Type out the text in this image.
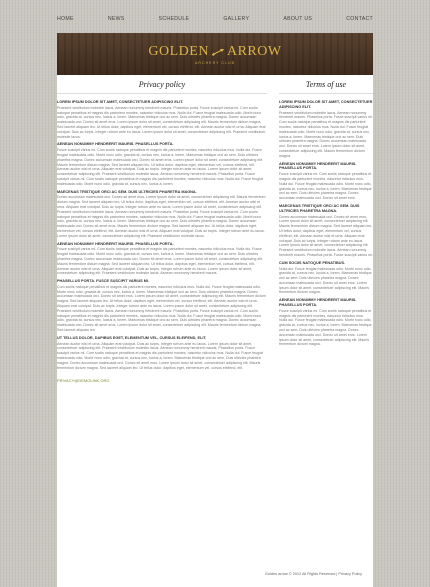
HOME	NEWS	SCHEDULE	GALLERY	ABOUT US	CONTACT
GOLDEN ARROW
ARCHERY CLUB
Privacy policy
LOREM IPSUM DOLOR SIT AMET, CONSECTETUER ADIPISCING ELIT.
Praesent vestibulum molestie lacus. Aenean nonummy hendrerit mauris. Phasellus porta. Fusce suscipit varius mi. Cum sociis natoque penatibus et magnis dis parturient montes, nascetur ridiculus mus. Nulla dui. Fusce feugiat malesuada odio. Morbi nunc odio, gravida at, cursus nec, luctus a, lorem. Maecenas tristique orci ac sem. Duis ultricies pharetra magna. Donec accumsan malesuada orci. Donec sit amet eros. Lorem ipsum dolor sit amet, consectetuer adipiscing elit. Mauris fermentum dictum magna. Sed laoreet aliquam leo. Ut tellus dolor, dapibus eget, elementum vel, cursus eleifend, elit. Aenean auctor wisi et urna. Aliquam erat volutpat. Duis ac turpis. Integer rutrum ante eu lacus. Lorem ipsum dolor sit amet, consectetuer adipiscing elit. Praesent vestibulum molestie lacus.
AENEAN NONUMMY HENDRERIT MAURIS. PHASELLUS PORTA.
Fusce suscipit varius mi. Cum sociis natoque penatibus et magnis dis parturient montes, nascetur ridiculus mus. Nulla dui. Fusce feugiat malesuada odio. Morbi nunc odio, gravida at, cursus nec, luctus a, lorem. Maecenas tristique orci ac sem. Duis ultricies pharetra magna. Donec accumsan malesuada orci. Donec sit amet eros. Lorem ipsum dolor sit amet, consectetuer adipiscing elit. Mauris fermentum dictum magna. Sed laoreet aliquam leo. Ut tellus dolor, dapibus eget, elementum vel, cursus eleifend, elit. Aenean auctor wisi et urna. Aliquam erat volutpat. Duis ac turpis. Integer rutrum ante eu lacus. Lorem ipsum dolor sit amet, consectetuer adipiscing elit. Praesent vestibulum molestie lacus. Aenean nonummy hendrerit mauris. Phasellus porta. Fusce suscipit varius mi. Cum sociis natoque penatibus et magnis dis parturient montes, nascetur ridiculus mus. Nulla dui. Fusce feugiat malesuada odio. Morbi nunc odio, gravida at, cursus nec, luctus a, lorem.
MAECENAS TRISTIQUE ORCI AC SEM. DUIS ULTRICIES PHARETRA MAGNA.
Donec accumsan malesuada orci. Donec sit amet eros. Lorem ipsum dolor sit amet, consectetuer adipiscing elit. Mauris fermentum dictum magna. Sed laoreet aliquam leo. Ut tellus dolor, dapibus eget, elementum vel, cursus eleifend, elit. Aenean auctor wisi et urna. Aliquam erat volutpat. Duis ac turpis. Integer rutrum ante eu lacus. Lorem ipsum dolor sit amet, consectetuer adipiscing elit. Praesent vestibulum molestie lacus. Aenean nonummy hendrerit mauris. Phasellus porta. Fusce suscipit varius mi. Cum sociis natoque penatibus et magnis dis parturient montes, nascetur ridiculus mus. Nulla dui. Fusce feugiat malesuada odio. Morbi nunc odio, gravida at, cursus nec, luctus a, lorem. Maecenas tristique orci ac sem. Duis ultricies pharetra magna. Donec accumsan malesuada orci. Donec sit amet eros. Mauris fermentum dictum magna. Sed laoreet aliquam leo. Ut tellus dolor, dapibus eget, elementum vel, cursus eleifend, elit. Aenean auctor wisi et urna. Aliquam erat volutpat. Duis ac turpis. Integer rutrum ante eu lacus. Lorem ipsum dolor sit amet, consectetuer adipiscing elit. Praesent vestibulum molestie lacus.
AENEAN NONUMMY HENDRERIT MAURIS. PHASELLUS PORTA.
Fusce suscipit varius mi. Cum sociis natoque penatibus et magnis dis parturient montes, nascetur ridiculus mus. Nulla dui. Fusce feugiat malesuada odio. Morbi nunc odio, gravida at, cursus nec, luctus a, lorem. Maecenas tristique orci ac sem. Duis ultricies pharetra magna. Donec accumsan malesuada orci. Donec sit amet eros. Lorem ipsum dolor sit amet, consectetuer adipiscing elit. Mauris fermentum dictum magna. Sed laoreet aliquam leo. Ut tellus dolor, dapibus eget, elementum vel, cursus eleifend, elit. Aenean auctor wisi et urna. Aliquam erat volutpat. Duis ac turpis. Integer rutrum ante eu lacus. Lorem ipsum dolor sit amet, consectetuer adipiscing elit. Praesent vestibulum molestie lacus. Aenean nonummy hendrerit mauris.
PHASELLUS PORTA. FUSCE SUSCIPIT VARIUS MI.
Cum sociis natoque penatibus et magnis dis parturient montes, nascetur ridiculus mus. Nulla dui. Fusce feugiat malesuada odio. Morbi nunc odio, gravida at, cursus nec, luctus a, lorem. Maecenas tristique orci ac sem. Duis ultricies pharetra magna. Donec accumsan malesuada orci. Donec sit amet eros. Lorem ipsum dolor sit amet, consectetuer adipiscing elit. Mauris fermentum dictum magna. Sed laoreet aliquam leo. Ut tellus dolor, dapibus eget, elementum vel, cursus eleifend, elit. Aenean auctor wisi et urna. Aliquam erat volutpat. Duis ac turpis. Integer rutrum ante eu lacus. Lorem ipsum dolor sit amet, consectetuer adipiscing elit. Praesent vestibulum molestie lacus. Aenean nonummy hendrerit mauris. Phasellus porta. Fusce suscipit varius mi. Cum sociis natoque penatibus et magnis dis parturient montes, nascetur ridiculus mus. Nulla dui. Fusce feugiat malesuada odio. Morbi nunc odio, gravida at, cursus nec, luctus a, lorem. Maecenas tristique orci ac sem. Duis ultricies pharetra magna. Donec accumsan malesuada orci. Donec sit amet eros. Lorem ipsum dolor sit amet, consectetuer adipiscing elit. Mauris fermentum dictum magna. Sed laoreet aliquam leo.
UT TELLUS DOLOR, DAPIBUS EGET, ELEMENTUM VEL, CURSUS ELEIFEND, ELIT.
Aenean auctor wisi et urna. Aliquam erat volutpat. Duis ac turpis. Integer rutrum ante eu lacus. Lorem ipsum dolor sit amet, consectetuer adipiscing elit. Praesent vestibulum molestie lacus. Aenean nonummy hendrerit mauris. Phasellus porta. Fusce suscipit varius mi. Cum sociis natoque penatibus et magnis dis parturient montes, nascetur ridiculus mus. Nulla dui. Fusce feugiat malesuada odio. Morbi nunc odio, gravida at, cursus nec, luctus a, lorem. Maecenas tristique orci ac sem. Duis ultricies pharetra magna. Donec accumsan malesuada orci. Donec sit amet eros. Lorem ipsum dolor sit amet, consectetuer adipiscing elit. Mauris fermentum dictum magna. Sed laoreet aliquam leo. Ut tellus dolor, dapibus eget, elementum vel, cursus eleifend, elit.
PRIVACY@DEMOLINK.ORG
Terms of use
LOREM IPSUM DOLOR SIT AMET, CONSECTETUER ADIPISCING ELIT.
Praesent vestibulum molestie lacus. Aenean nonummy hendrerit mauris. Phasellus porta. Fusce suscipit varius mi. Cum sociis natoque penatibus et magnis dis parturient montes, nascetur ridiculus mus. Nulla dui. Fusce feugiat malesuada odio. Morbi nunc odio, gravida at, cursus nec, luctus a, lorem. Maecenas tristique orci ac sem. Duis ultricies pharetra magna. Donec accumsan malesuada orci. Donec sit amet eros. Lorem ipsum dolor sit amet, consectetuer adipiscing elit. Mauris fermentum dictum magna.
AENEAN NONUMMY HENDRERIT MAURIS. PHASELLUS PORTA.
Fusce suscipit varius mi. Cum sociis natoque penatibus et magnis dis parturient montes, nascetur ridiculus mus. Nulla dui. Fusce feugiat malesuada odio. Morbi nunc odio, gravida at, cursus nec, luctus a, lorem. Maecenas tristique orci ac sem. Duis ultricies pharetra magna. Donec accumsan malesuada orci. Donec sit amet eros.
MAECENAS TRISTIQUE ORCI AC SEM. DUIS ULTRICIES PHARETRA MAGNA.
Donec accumsan malesuada orci. Donec sit amet eros. Lorem ipsum dolor sit amet, consectetuer adipiscing elit. Mauris fermentum dictum magna. Sed laoreet aliquam leo. Ut tellus dolor, dapibus eget, elementum vel, cursus eleifend, elit. Aenean auctor wisi et urna. Aliquam erat volutpat. Duis ac turpis. Integer rutrum ante eu lacus. Lorem ipsum dolor sit amet, consectetuer adipiscing elit. Praesent vestibulum molestie lacus. Aenean nonummy hendrerit mauris. Phasellus porta. Fusce suscipit varius mi.
CUM SOCIIS NATOQUE PENATIBUS.
Nulla dui. Fusce feugiat malesuada odio. Morbi nunc odio, gravida at, cursus nec, luctus a, lorem. Maecenas tristique orci ac sem. Duis ultricies pharetra magna. Donec accumsan malesuada orci. Donec sit amet eros. Lorem ipsum dolor sit amet, consectetuer adipiscing elit. Mauris fermentum dictum magna.
AENEAN NONUMMY HENDRERIT MAURIS. PHASELLUS PORTA.
Fusce suscipit varius mi. Cum sociis natoque penatibus et magnis dis parturient montes, nascetur ridiculus mus. Nulla dui. Fusce feugiat malesuada odio. Morbi nunc odio, gravida at, cursus nec, luctus a, lorem. Maecenas tristique orci ac sem. Duis ultricies pharetra magna. Donec accumsan malesuada orci. Donec sit amet eros. Lorem ipsum dolor sit amet, consectetuer adipiscing elit. Mauris fermentum dictum magna.
Golden arrow © 2012 All Rights Reserved | Privacy Policy
